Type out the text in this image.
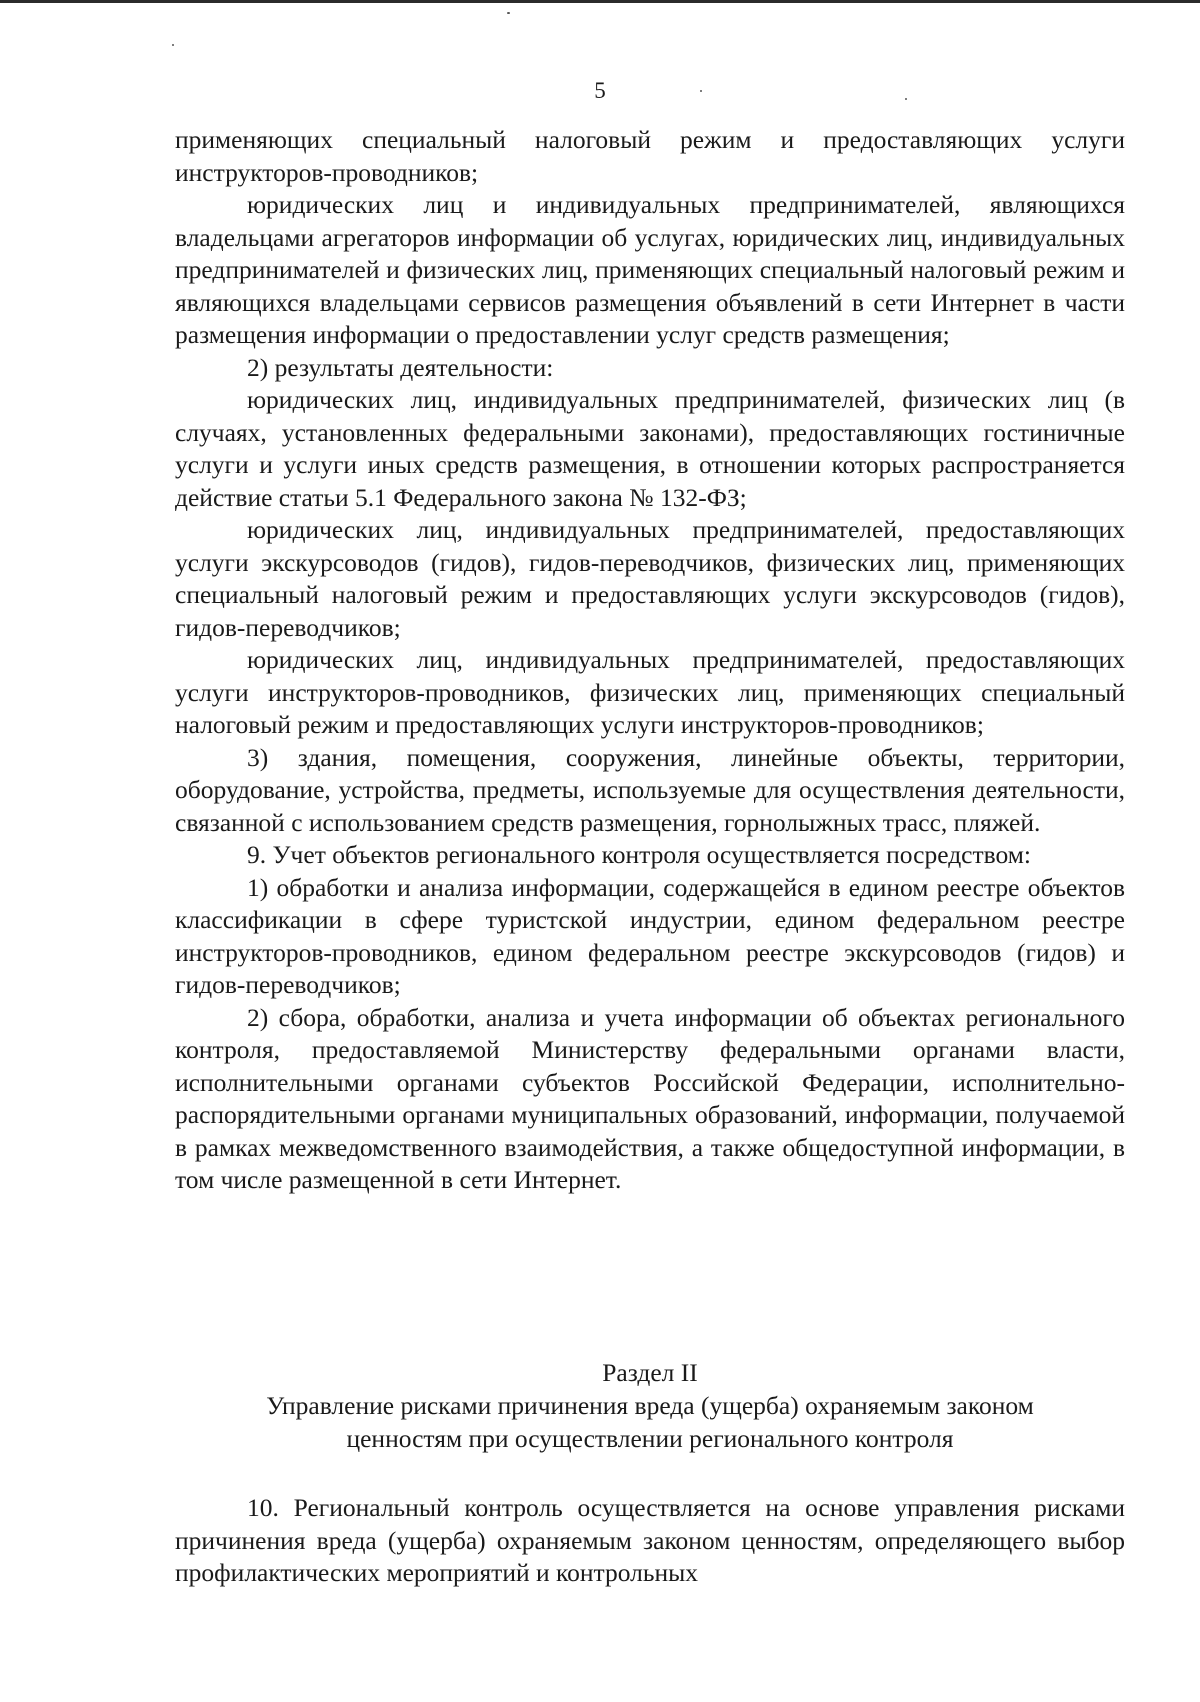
5

применяющих специальный налоговый режим и предоставляющих услуги инструкторов-проводников;

юридических лиц и индивидуальных предпринимателей, являющихся владельцами агрегаторов информации об услугах, юридических лиц, индивидуальных предпринимателей и физических лиц, применяющих специальный налоговый режим и являющихся владельцами сервисов размещения объявлений в сети Интернет в части размещения информации о предоставлении услуг средств размещения;

2) результаты деятельности:

юридических лиц, индивидуальных предпринимателей, физических лиц (в случаях, установленных федеральными законами), предоставляющих гостиничные услуги и услуги иных средств размещения, в отношении которых распространяется действие статьи 5.1 Федерального закона № 132-ФЗ;

юридических лиц, индивидуальных предпринимателей, предоставляющих услуги экскурсоводов (гидов), гидов-переводчиков, физических лиц, применяющих специальный налоговый режим и предоставляющих услуги экскурсоводов (гидов), гидов-переводчиков;

юридических лиц, индивидуальных предпринимателей, предоставляющих услуги инструкторов-проводников, физических лиц, применяющих специальный налоговый режим и предоставляющих услуги инструкторов-проводников;

3) здания, помещения, сооружения, линейные объекты, территории, оборудование, устройства, предметы, используемые для осуществления деятельности, связанной с использованием средств размещения, горнолыжных трасс, пляжей.

9. Учет объектов регионального контроля осуществляется посредством:

1) обработки и анализа информации, содержащейся в едином реестре объектов классификации в сфере туристской индустрии, едином федеральном реестре инструкторов-проводников, едином федеральном реестре экскурсоводов (гидов) и гидов-переводчиков;

2) сбора, обработки, анализа и учета информации об объектах регионального контроля, предоставляемой Министерству федеральными органами власти, исполнительными органами субъектов Российской Федерации, исполнительно-распорядительными органами муниципальных образований, информации, получаемой в рамках межведомственного взаимодействия, а также общедоступной информации, в том числе размещенной в сети Интернет.

Раздел II
Управление рисками причинения вреда (ущерба) охраняемым законом ценностям при осуществлении регионального контроля

10. Региональный контроль осуществляется на основе управления рисками причинения вреда (ущерба) охраняемым законом ценностям, определяющего выбор профилактических мероприятий и контрольных
